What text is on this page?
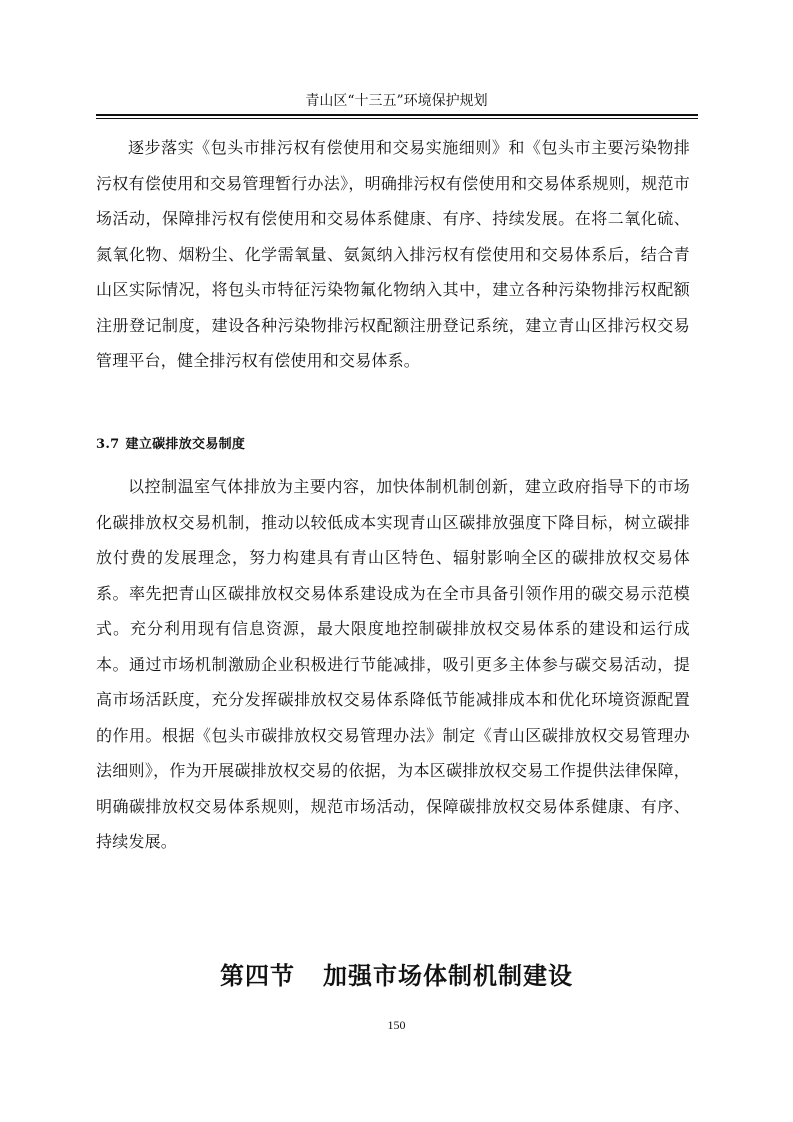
青山区“十三五”环境保护规划

逐步落实《包头市排污权有偿使用和交易实施细则》和《包头市主要污染物排污权有偿使用和交易管理暂行办法》，明确排污权有偿使用和交易体系规则，规范市场活动，保障排污权有偿使用和交易体系健康、有序、持续发展。在将二氧化硫、氮氧化物、烟粉尘、化学需氧量、氨氮纳入排污权有偿使用和交易体系后，结合青山区实际情况，将包头市特征污染物氟化物纳入其中，建立各种污染物排污权配额注册登记制度，建设各种污染物排污权配额注册登记系统，建立青山区排污权交易管理平台，健全排污权有偿使用和交易体系。

3.7 建立碳排放交易制度

以控制温室气体排放为主要内容，加快体制机制创新，建立政府指导下的市场化碳排放权交易机制，推动以较低成本实现青山区碳排放强度下降目标，树立碳排放付费的发展理念，努力构建具有青山区特色、辐射影响全区的碳排放权交易体系。率先把青山区碳排放权交易体系建设成为在全市具备引领作用的碳交易示范模式。充分利用现有信息资源，最大限度地控制碳排放权交易体系的建设和运行成本。通过市场机制激励企业积极进行节能减排，吸引更多主体参与碳交易活动，提高市场活跃度，充分发挥碳排放权交易体系降低节能减排成本和优化环境资源配置的作用。根据《包头市碳排放权交易管理办法》制定《青山区碳排放权交易管理办法细则》，作为开展碳排放权交易的依据，为本区碳排放权交易工作提供法律保障，明确碳排放权交易体系规则，规范市场活动，保障碳排放权交易体系健康、有序、持续发展。

第四节 加强市场体制机制建设
150
